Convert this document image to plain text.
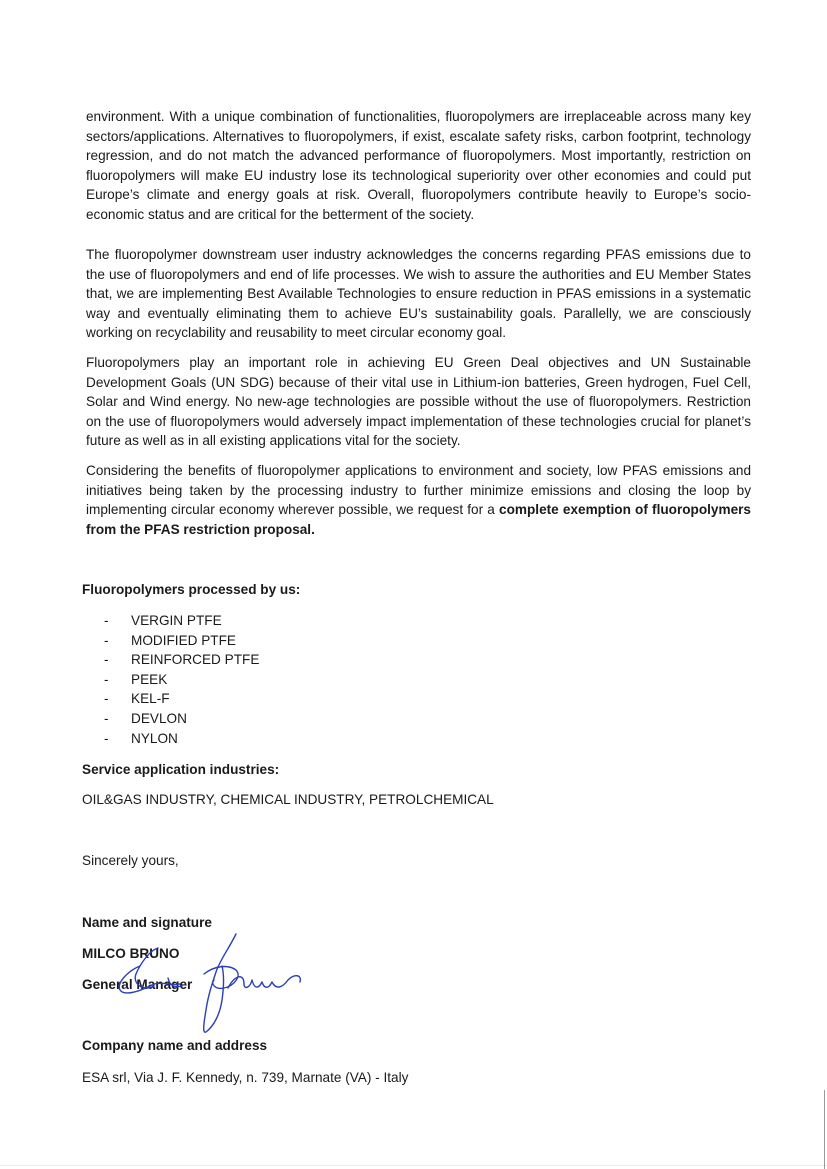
environment. With a unique combination of functionalities, fluoropolymers are irreplaceable across many key sectors/applications. Alternatives to fluoropolymers, if exist, escalate safety risks, carbon footprint, technology regression, and do not match the advanced performance of fluoropolymers. Most importantly, restriction on fluoropolymers will make EU industry lose its technological superiority over other economies and could put Europe’s climate and energy goals at risk. Overall, fluoropolymers contribute heavily to Europe’s socio-economic status and are critical for the betterment of the society.

The fluoropolymer downstream user industry acknowledges the concerns regarding PFAS emissions due to the use of fluoropolymers and end of life processes. We wish to assure the authorities and EU Member States that, we are implementing Best Available Technologies to ensure reduction in PFAS emissions in a systematic way and eventually eliminating them to achieve EU’s sustainability goals. Parallelly, we are consciously working on recyclability and reusability to meet circular economy goal.

Fluoropolymers play an important role in achieving EU Green Deal objectives and UN Sustainable Development Goals (UN SDG) because of their vital use in Lithium-ion batteries, Green hydrogen, Fuel Cell, Solar and Wind energy. No new-age technologies are possible without the use of fluoropolymers. Restriction on the use of fluoropolymers would adversely impact implementation of these technologies crucial for planet’s future as well as in all existing applications vital for the society.

Considering the benefits of fluoropolymer applications to environment and society, low PFAS emissions and initiatives being taken by the processing industry to further minimize emissions and closing the loop by implementing circular economy wherever possible, we request for a complete exemption of fluoropolymers from the PFAS restriction proposal.

Fluoropolymers processed by us:

-	VERGIN PTFE
-	MODIFIED PTFE
-	REINFORCED PTFE
-	PEEK
-	KEL-F
-	DEVLON
-	NYLON

Service application industries:

OIL&GAS INDUSTRY, CHEMICAL INDUSTRY, PETROLCHEMICAL

Sincerely yours,

Name and signature

MILCO BRUNO

General Manager

Company name and address

ESA srl, Via J. F. Kennedy, n. 739, Marnate (VA) - Italy
